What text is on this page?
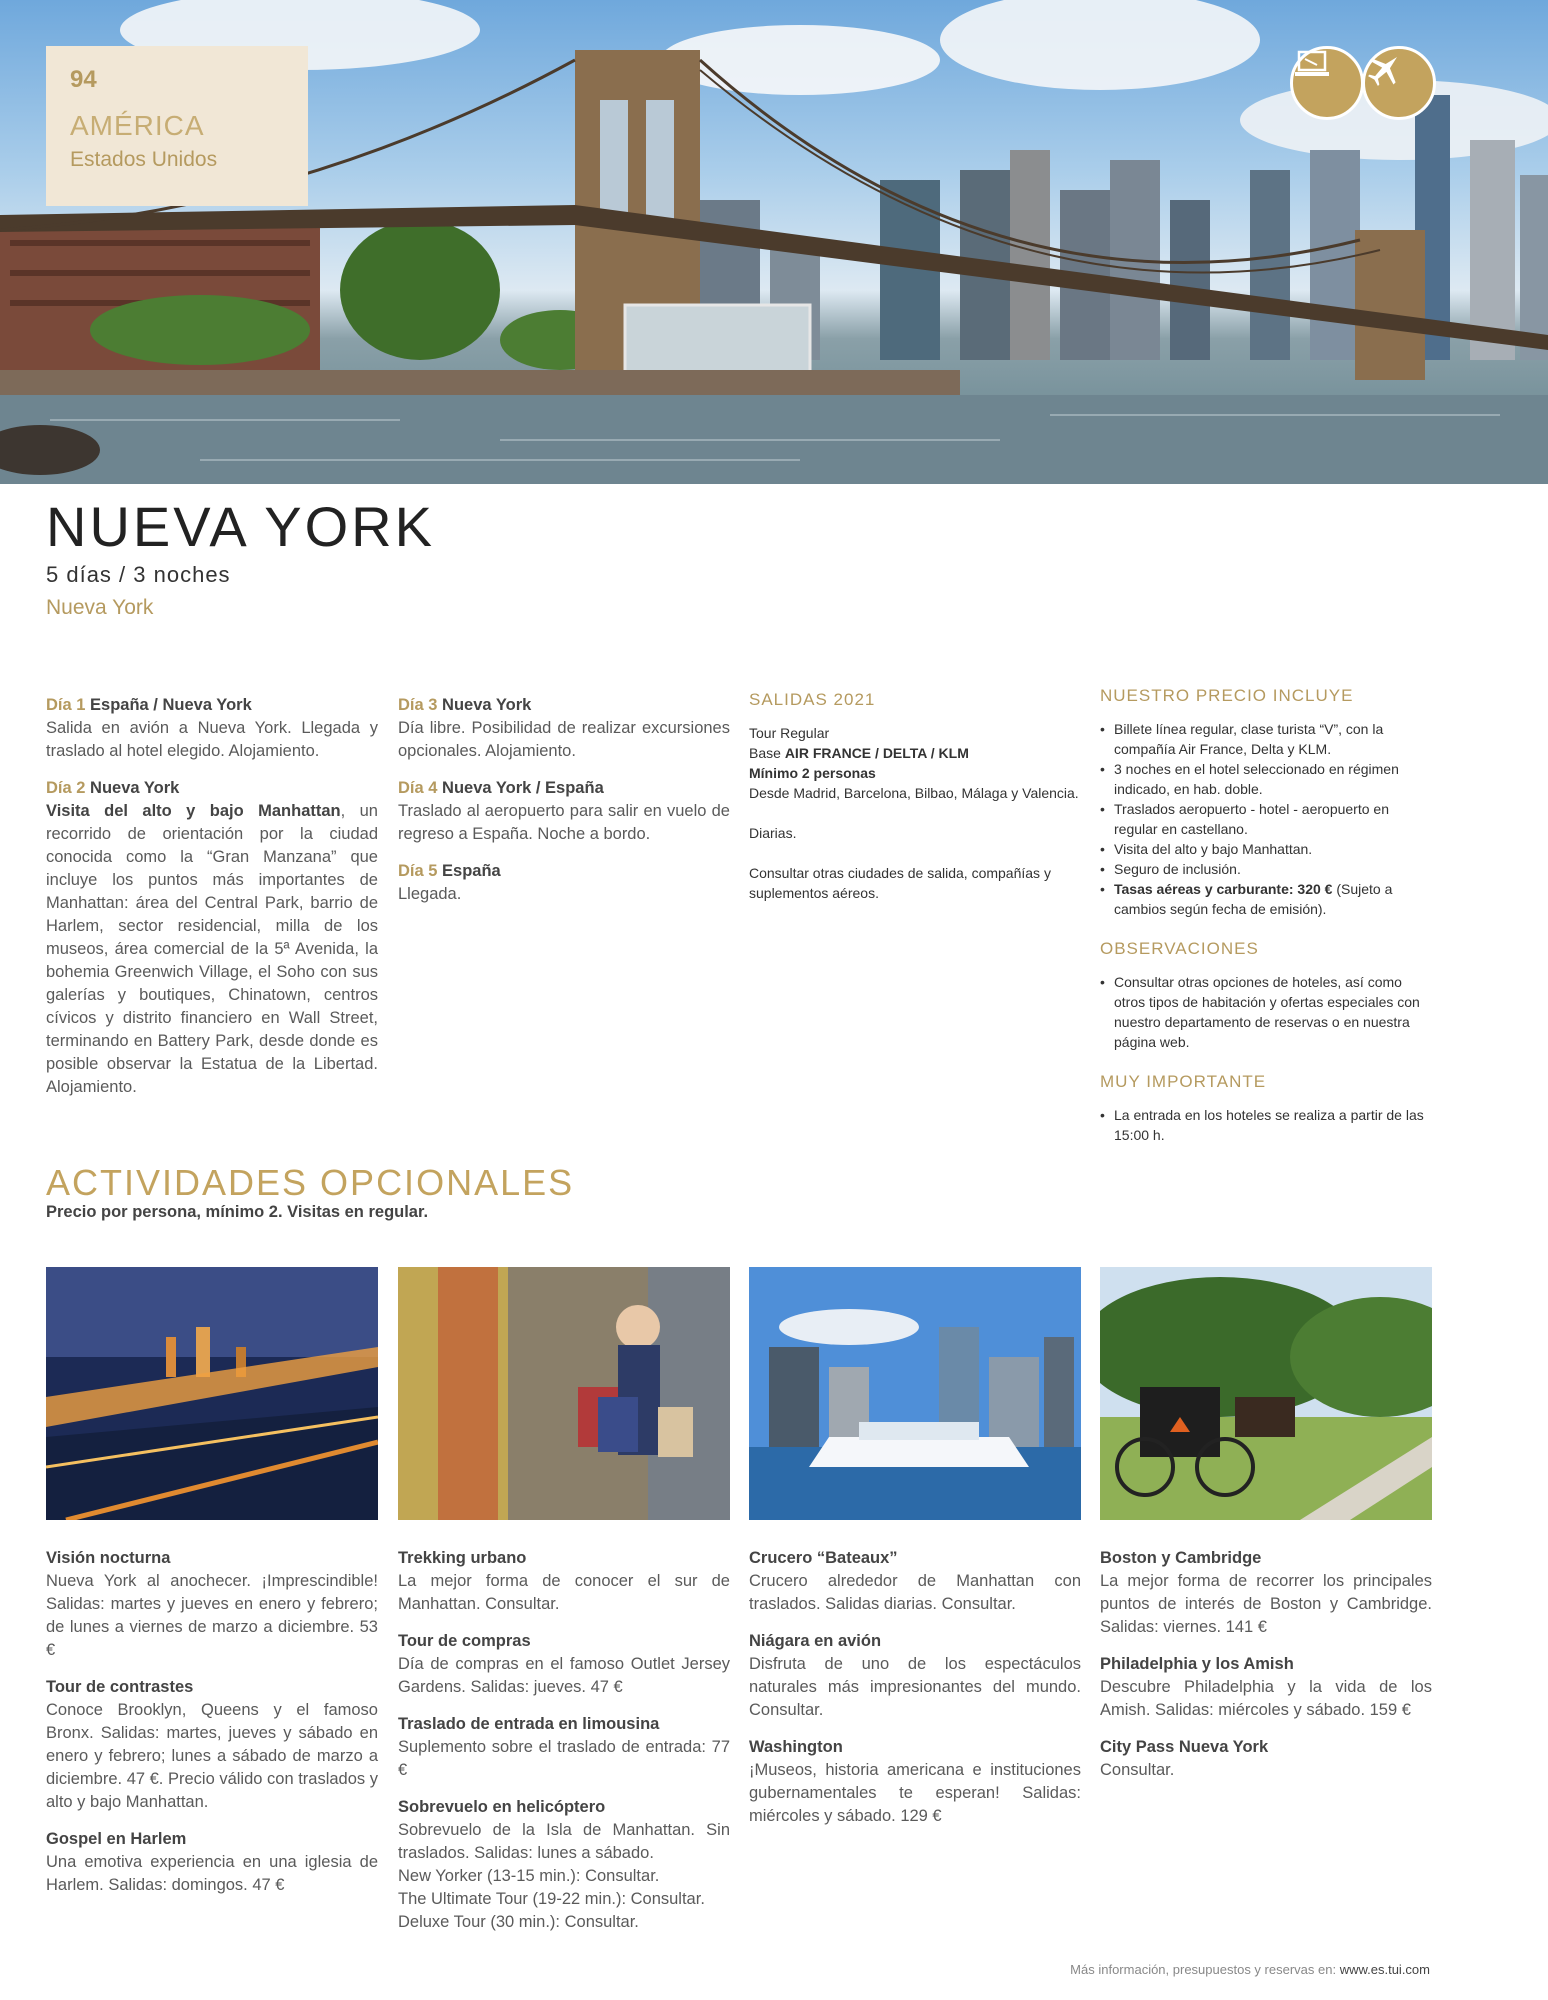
94
AMÉRICA
Estados Unidos
NUEVA YORK
5 días / 3 noches
Nueva York
Día 1 España / Nueva York

Salida en avión a Nueva York. Llegada y traslado al hotel elegido. Alojamiento.

Día 2 Nueva York

Visita del alto y bajo Manhattan, un recorrido de orientación por la ciudad conocida como la “Gran Manzana” que incluye los puntos más importantes de Manhattan: área del Central Park, barrio de Harlem, sector residencial, milla de los museos, área comercial de la 5ª Avenida, la bohemia Greenwich Village, el Soho con sus galerías y boutiques, Chinatown, centros cívicos y distrito financiero en Wall Street, terminando en Battery Park, desde donde es posible observar la Estatua de la Libertad. Alojamiento.

Día 3 Nueva York

Día libre. Posibilidad de realizar excursiones opcionales. Alojamiento.

Día 4 Nueva York / España

Traslado al aeropuerto para salir en vuelo de regreso a España. Noche a bordo.

Día 5 España

Llegada.

SALIDAS 2021

Tour Regular

Base AIR FRANCE / DELTA / KLM

Mínimo 2 personas

Desde Madrid, Barcelona, Bilbao, Málaga y Valencia.

Diarias.

Consultar otras ciudades de salida, compañías y suplementos aéreos.

NUESTRO PRECIO INCLUYE
• Billete línea regular, clase turista “V”, con la compañía Air France, Delta y KLM.
• 3 noches en el hotel seleccionado en régimen indicado, en hab. doble.
• Traslados aeropuerto - hotel - aeropuerto en regular en castellano.
• Visita del alto y bajo Manhattan.
• Seguro de inclusión.
• Tasas aéreas y carburante: 320 € (Sujeto a cambios según fecha de emisión).
OBSERVACIONES
• Consultar otras opciones de hoteles, así como otros tipos de habitación y ofertas especiales con nuestro departamento de reservas o en nuestra página web.
MUY IMPORTANTE
• La entrada en los hoteles se realiza a partir de las 15:00 h.
ACTIVIDADES OPCIONALES
Precio por persona, mínimo 2. Visitas en regular.
Visión nocturna

Nueva York al anochecer. ¡Imprescindible! Salidas: martes y jueves en enero y febrero; de lunes a viernes de marzo a diciembre. 53 €

Tour de contrastes

Conoce Brooklyn, Queens y el famoso Bronx. Salidas: martes, jueves y sábado en enero y febrero; lunes a sábado de marzo a diciembre. 47 €. Precio válido con traslados y alto y bajo Manhattan.

Gospel en Harlem

Una emotiva experiencia en una iglesia de Harlem. Salidas: domingos. 47 €

Trekking urbano

La mejor forma de conocer el sur de Manhattan. Consultar.

Tour de compras

Día de compras en el famoso Outlet Jersey Gardens. Salidas: jueves. 47 €

Traslado de entrada en limousina

Suplemento sobre el traslado de entrada: 77 €

Sobrevuelo en helicóptero

Sobrevuelo de la Isla de Manhattan. Sin traslados. Salidas: lunes a sábado.

New Yorker (13-15 min.): Consultar.

The Ultimate Tour (19-22 min.): Consultar.

Deluxe Tour (30 min.): Consultar.

Crucero “Bateaux”

Crucero alrededor de Manhattan con traslados. Salidas diarias. Consultar.

Niágara en avión

Disfruta de uno de los espectáculos naturales más impresionantes del mundo. Consultar.

Washington

¡Museos, historia americana e instituciones gubernamentales te esperan! Salidas: miércoles y sábado. 129 €

Boston y Cambridge

La mejor forma de recorrer los principales puntos de interés de Boston y Cambridge. Salidas: viernes. 141 €

Philadelphia y los Amish

Descubre Philadelphia y la vida de los Amish. Salidas: miércoles y sábado. 159 €

City Pass Nueva York

Consultar.

Más información, presupuestos y reservas en: www.es.tui.com
